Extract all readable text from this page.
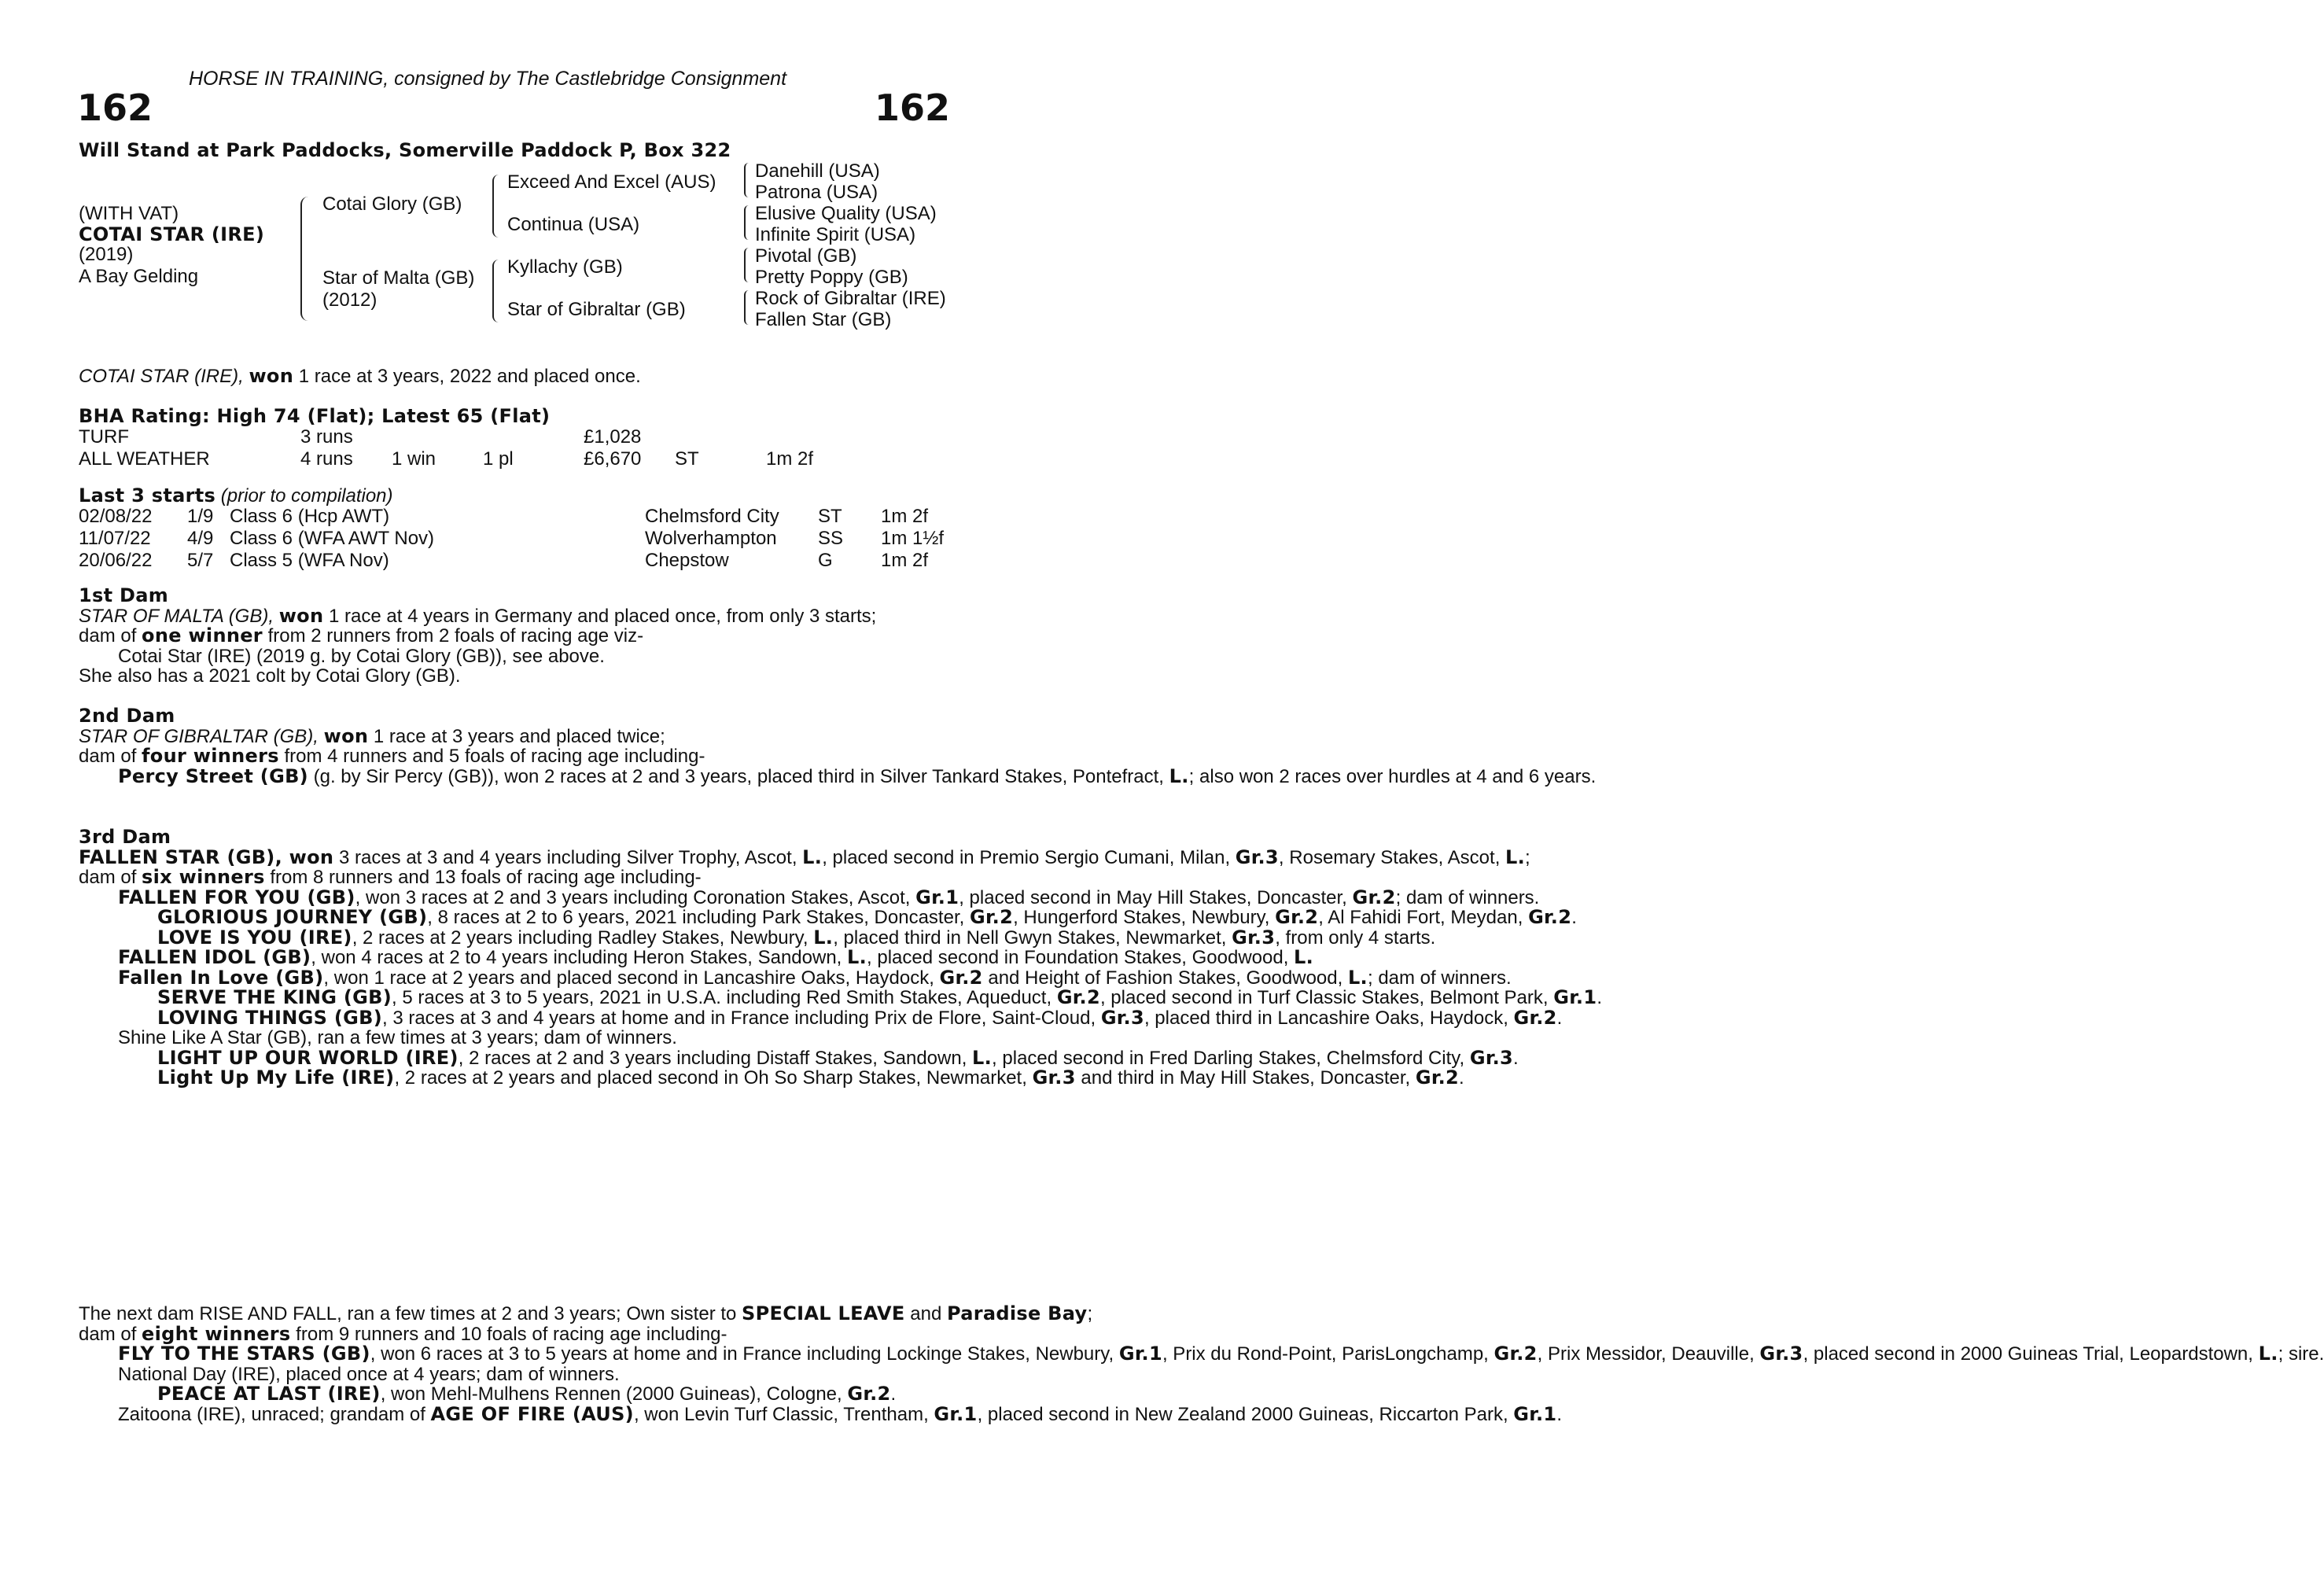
HORSE IN TRAINING, consigned by The Castlebridge Consignment
162	162
Will Stand at Park Paddocks, Somerville Paddock P, Box 322
(WITH VAT)
COTAI STAR (IRE)
(2019)
A Bay Gelding
Cotai Glory (GB)
Star of Malta (GB)
(2012)
Exceed And Excel (AUS)
Continua (USA)
Kyllachy (GB)
Star of Gibraltar (GB)
Danehill (USA)
Patrona (USA)
Elusive Quality (USA)
Infinite Spirit (USA)
Pivotal (GB)
Pretty Poppy (GB)
Rock of Gibraltar (IRE)
Fallen Star (GB)
COTAI STAR (IRE), won 1 race at 3 years, 2022 and placed once.
BHA Rating: High 74 (Flat); Latest 65 (Flat)
TURF	3 runs			£1,028		
ALL WEATHER	4 runs	1 win	1 pl	£6,670	ST	1m 2f
Last 3 starts (prior to compilation)
02/08/22	1/9	Class 6 (Hcp AWT)	Chelmsford City	ST	1m 2f
11/07/22	4/9	Class 6 (WFA AWT Nov)	Wolverhampton	SS	1m 1½f
20/06/22	5/7	Class 5 (WFA Nov)	Chepstow	G	1m 2f

1st Dam

STAR OF MALTA (GB), won 1 race at 4 years in Germany and placed once, from only 3 starts;

dam of one winner from 2 runners from 2 foals of racing age viz-

Cotai Star (IRE) (2019 g. by Cotai Glory (GB)), see above.

She also has a 2021 colt by Cotai Glory (GB).

2nd Dam

STAR OF GIBRALTAR (GB), won 1 race at 3 years and placed twice;

dam of four winners from 4 runners and 5 foals of racing age including-

Percy Street (GB) (g. by Sir Percy (GB)), won 2 races at 2 and 3 years, placed third in Silver Tankard Stakes, Pontefract, L.; also won 2 races over hurdles at 4 and 6 years.

3rd Dam

FALLEN STAR (GB), won 3 races at 3 and 4 years including Silver Trophy, Ascot, L., placed second in Premio Sergio Cumani, Milan, Gr.3, Rosemary Stakes, Ascot, L.;

dam of six winners from 8 runners and 13 foals of racing age including-

FALLEN FOR YOU (GB), won 3 races at 2 and 3 years including Coronation Stakes, Ascot, Gr.1, placed second in May Hill Stakes, Doncaster, Gr.2; dam of winners.

GLORIOUS JOURNEY (GB), 8 races at 2 to 6 years, 2021 including Park Stakes, Doncaster, Gr.2, Hungerford Stakes, Newbury, Gr.2, Al Fahidi Fort, Meydan, Gr.2.

LOVE IS YOU (IRE), 2 races at 2 years including Radley Stakes, Newbury, L., placed third in Nell Gwyn Stakes, Newmarket, Gr.3, from only 4 starts.

FALLEN IDOL (GB), won 4 races at 2 to 4 years including Heron Stakes, Sandown, L., placed second in Foundation Stakes, Goodwood, L.

Fallen In Love (GB), won 1 race at 2 years and placed second in Lancashire Oaks, Haydock, Gr.2 and Height of Fashion Stakes, Goodwood, L.; dam of winners.

SERVE THE KING (GB), 5 races at 3 to 5 years, 2021 in U.S.A. including Red Smith Stakes, Aqueduct, Gr.2, placed second in Turf Classic Stakes, Belmont Park, Gr.1.

LOVING THINGS (GB), 3 races at 3 and 4 years at home and in France including Prix de Flore, Saint-Cloud, Gr.3, placed third in Lancashire Oaks, Haydock, Gr.2.

Shine Like A Star (GB), ran a few times at 3 years; dam of winners.

LIGHT UP OUR WORLD (IRE), 2 races at 2 and 3 years including Distaff Stakes, Sandown, L., placed second in Fred Darling Stakes, Chelmsford City, Gr.3.

Light Up My Life (IRE), 2 races at 2 years and placed second in Oh So Sharp Stakes, Newmarket, Gr.3 and third in May Hill Stakes, Doncaster, Gr.2.

The next dam RISE AND FALL, ran a few times at 2 and 3 years; Own sister to SPECIAL LEAVE and Paradise Bay;

dam of eight winners from 9 runners and 10 foals of racing age including-

FLY TO THE STARS (GB), won 6 races at 3 to 5 years at home and in France including Lockinge Stakes, Newbury, Gr.1, Prix du Rond-Point, ParisLongchamp, Gr.2, Prix Messidor, Deauville, Gr.3, placed second in 2000 Guineas Trial, Leopardstown, L.; sire.

National Day (IRE), placed once at 4 years; dam of winners.

PEACE AT LAST (IRE), won Mehl-Mulhens Rennen (2000 Guineas), Cologne, Gr.2.

Zaitoona (IRE), unraced; grandam of AGE OF FIRE (AUS), won Levin Turf Classic, Trentham, Gr.1, placed second in New Zealand 2000 Guineas, Riccarton Park, Gr.1.
